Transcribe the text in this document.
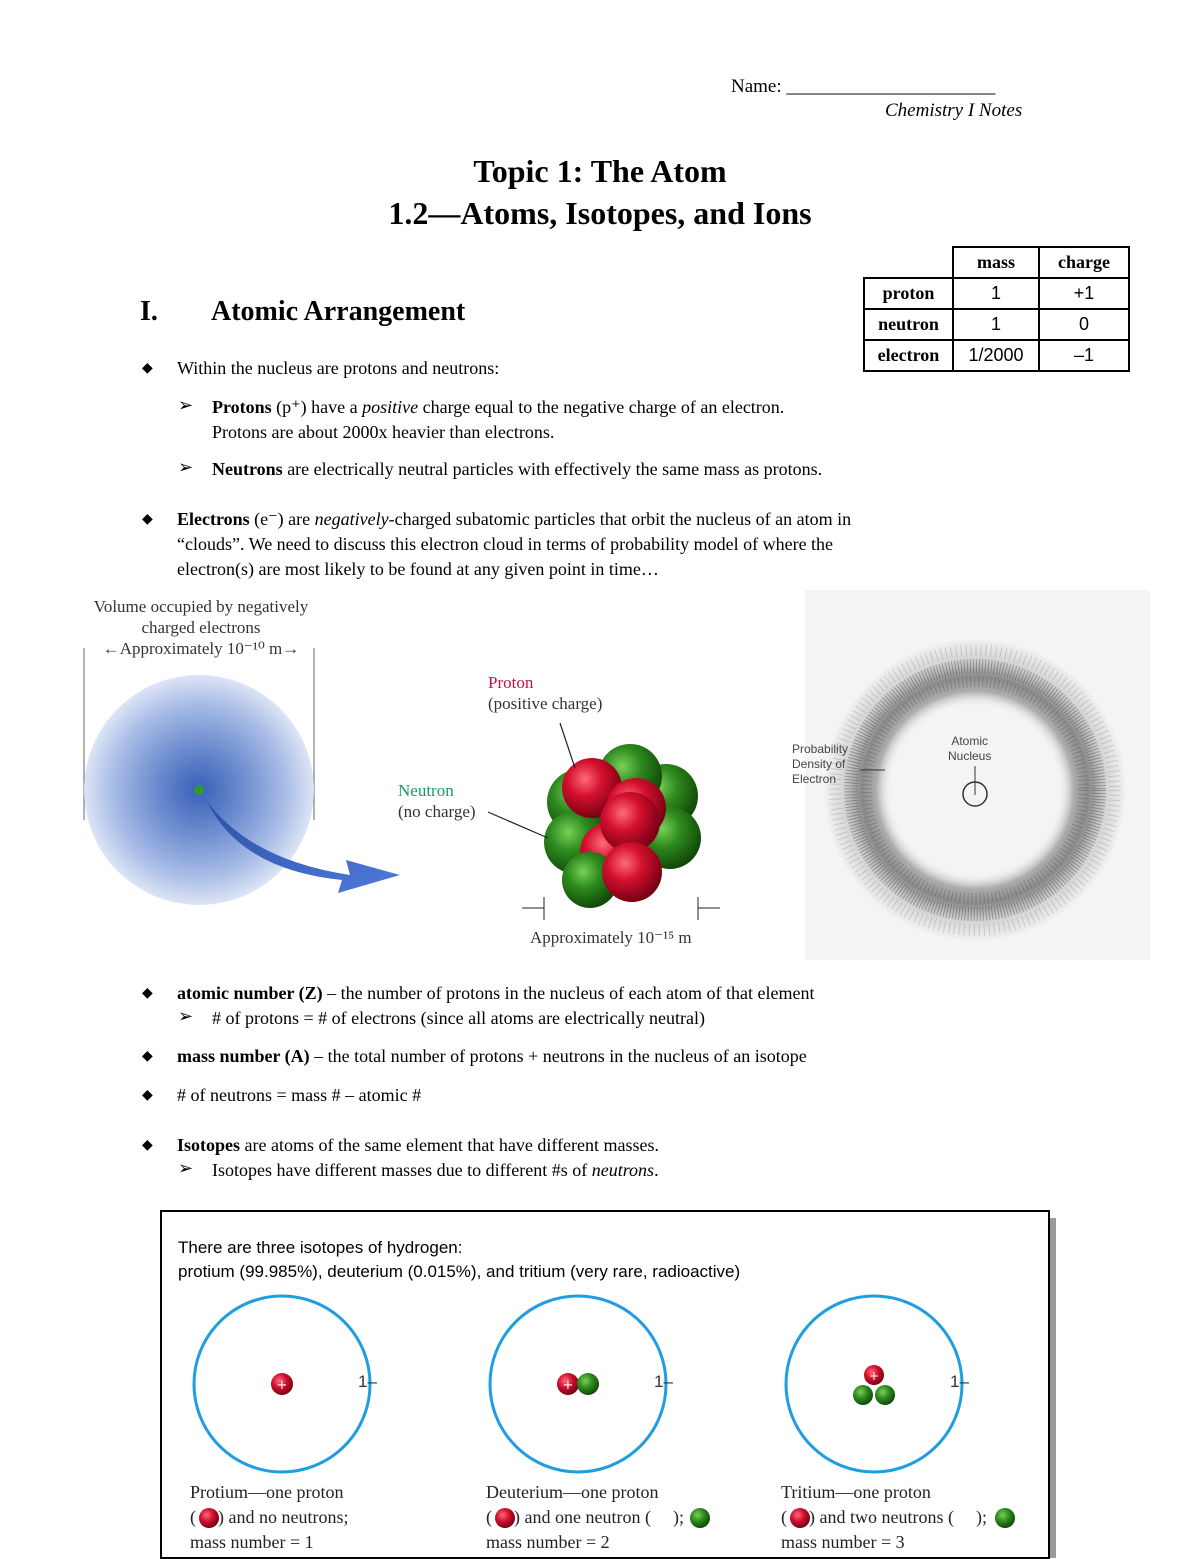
Name: ______________________
Chemistry I Notes
Topic 1: The Atom
1.2—Atoms, Isotopes, and Ions
	mass	charge
proton	1	+1
neutron	1	0
electron	1/2000	–1
I. Atomic Arrangement
◆ Within the nucleus are protons and neutrons:
➢ Protons (p⁺) have a positive charge equal to the negative charge of an electron.
Protons are about 2000x heavier than electrons.
➢ Neutrons are electrically neutral particles with effectively the same mass as protons.
◆ Electrons (e⁻) are negatively-charged subatomic particles that orbit the nucleus of an atom in
“clouds”. We need to discuss this electron cloud in terms of probability model of where the
electron(s) are most likely to be found at any given point in time…
Volume occupied by negatively
charged electrons
←Approximately 10⁻¹⁰ m→
Proton
(positive charge)
Neutron
(no charge)
Approximately 10⁻¹⁵ m
Probability
Density of
Electron
Atomic
Nucleus
◆ atomic number (Z) – the number of protons in the nucleus of each atom of that element
➢ # of protons = # of electrons (since all atoms are electrically neutral)
◆ mass number (A) – the total number of protons + neutrons in the nucleus of an isotope
◆ # of neutrons = mass # – atomic #
◆ Isotopes are atoms of the same element that have different masses.
➢ Isotopes have different masses due to different #s of neutrons.
There are three isotopes of hydrogen:
protium (99.985%), deuterium (0.015%), and tritium (very rare, radioactive)
+	+
+
1–	1–	1–
Protium—one proton
( ) and no neutrons;
mass number = 1
Deuterium—one proton
( ) and one neutron ( );
mass number = 2
Tritium—one proton
( ) and two neutrons ( );
mass number = 3
